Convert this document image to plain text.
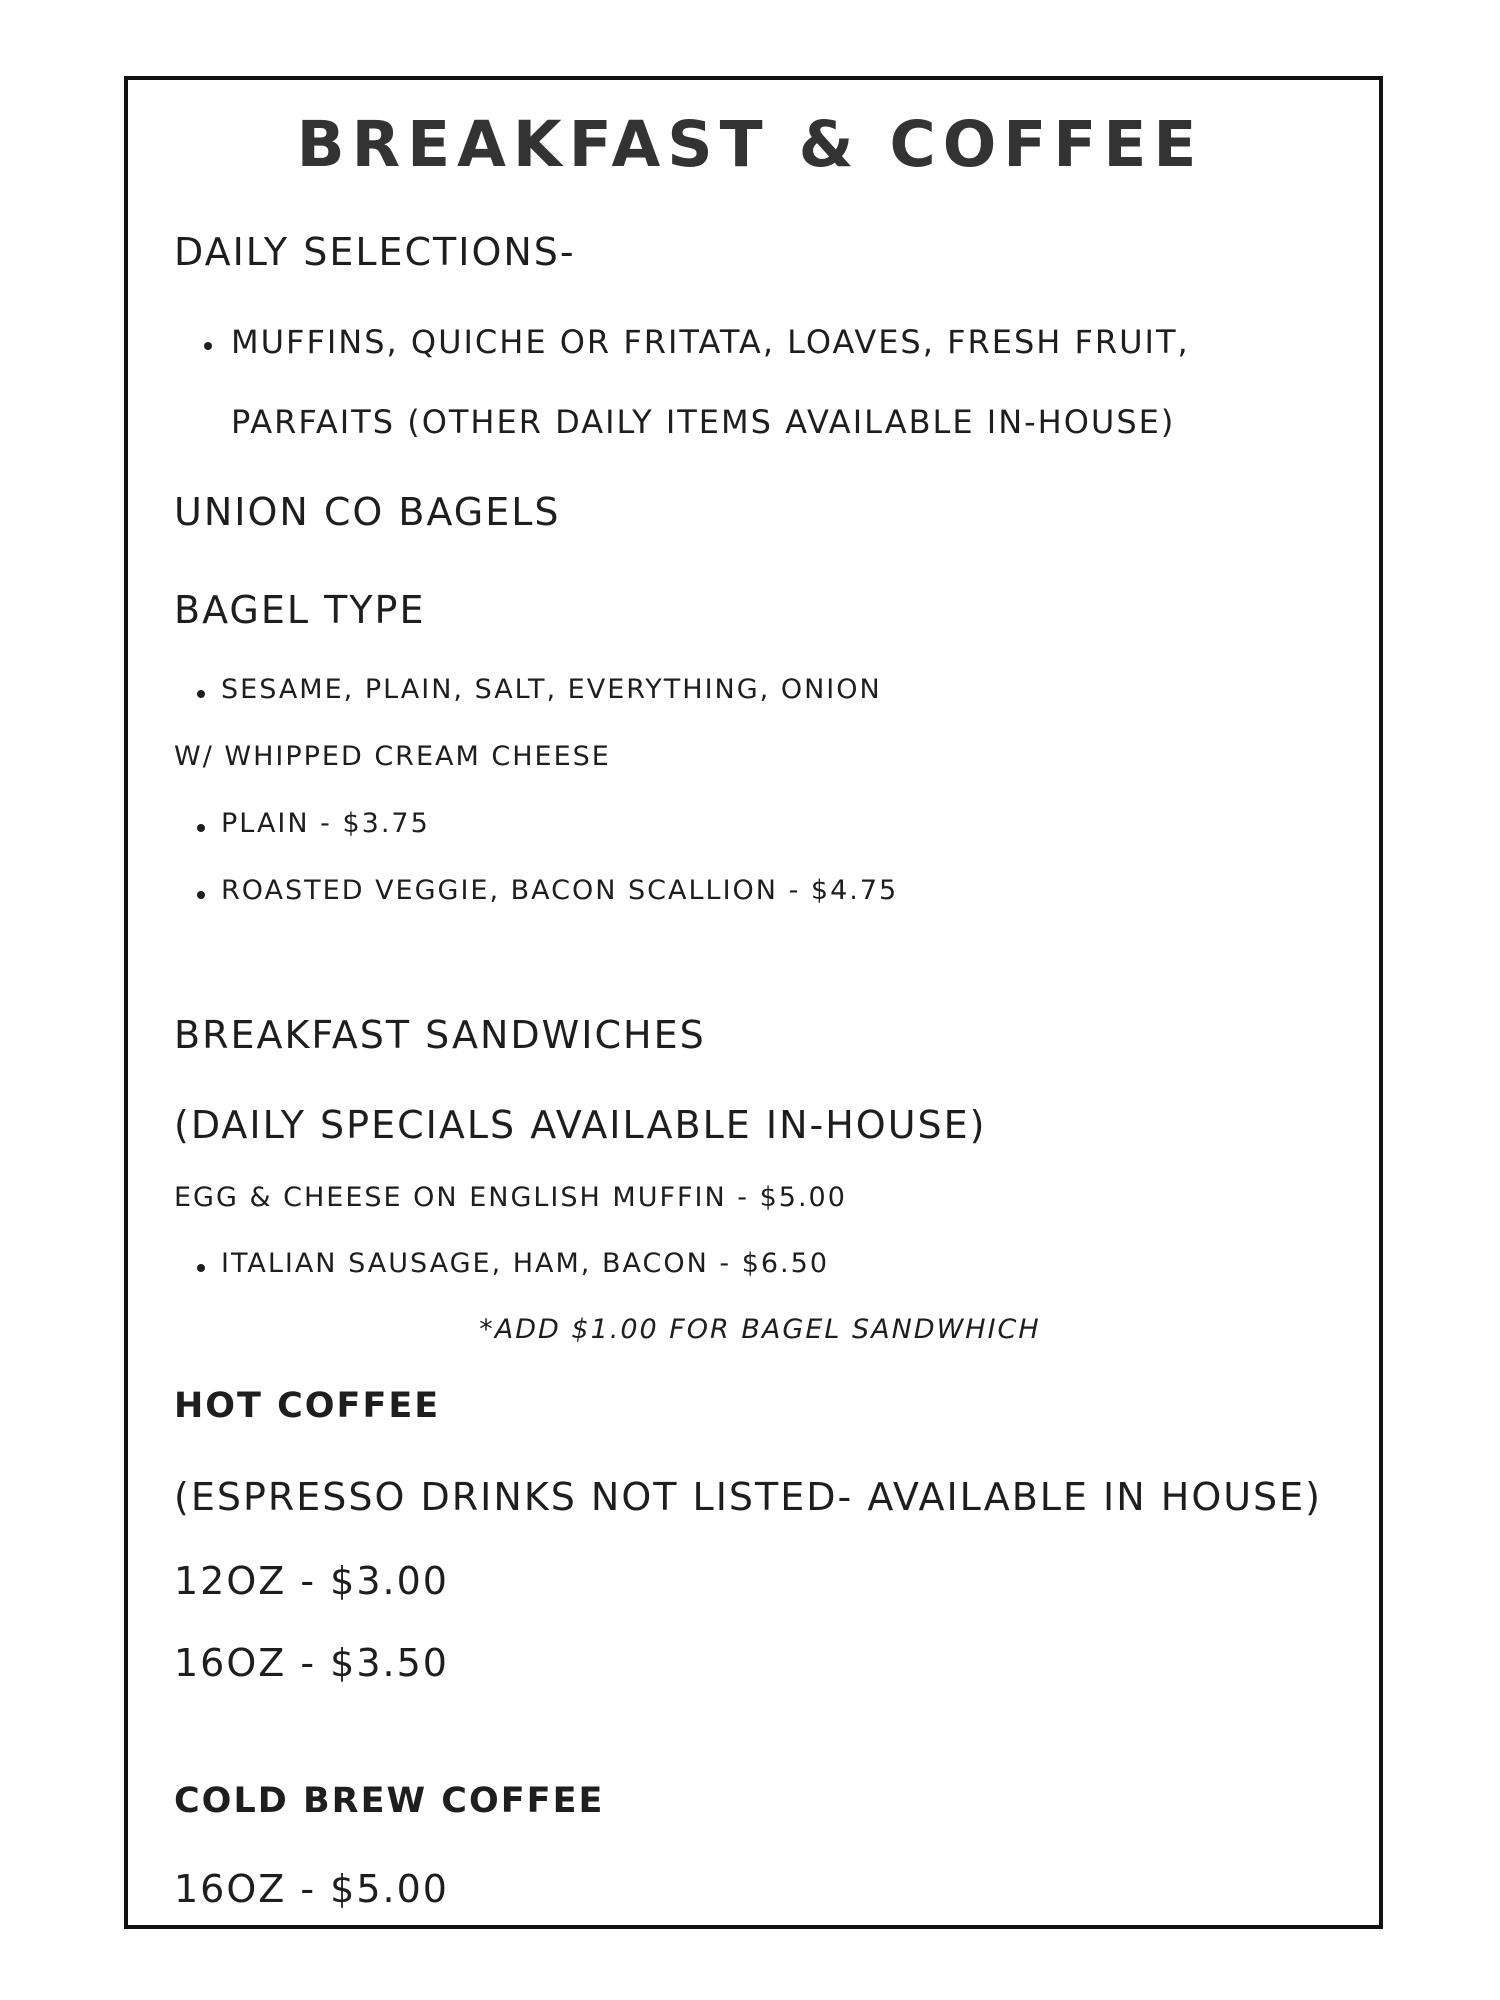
BREAKFAST & COFFEE
DAILY SELECTIONS-
MUFFINS, QUICHE OR FRITATA, LOAVES, FRESH FRUIT,
PARFAITS (OTHER DAILY ITEMS AVAILABLE IN-HOUSE)
UNION CO BAGELS
BAGEL TYPE
SESAME, PLAIN, SALT, EVERYTHING, ONION
W/ WHIPPED CREAM CHEESE
PLAIN - $3.75
ROASTED VEGGIE, BACON SCALLION - $4.75
BREAKFAST SANDWICHES
(DAILY SPECIALS AVAILABLE IN-HOUSE)
EGG & CHEESE ON ENGLISH MUFFIN - $5.00
ITALIAN SAUSAGE, HAM, BACON - $6.50
*ADD $1.00 FOR BAGEL SANDWHICH
HOT COFFEE
(ESPRESSO DRINKS NOT LISTED- AVAILABLE IN HOUSE)
12OZ - $3.00
16OZ - $3.50
COLD BREW COFFEE
16OZ - $5.00
